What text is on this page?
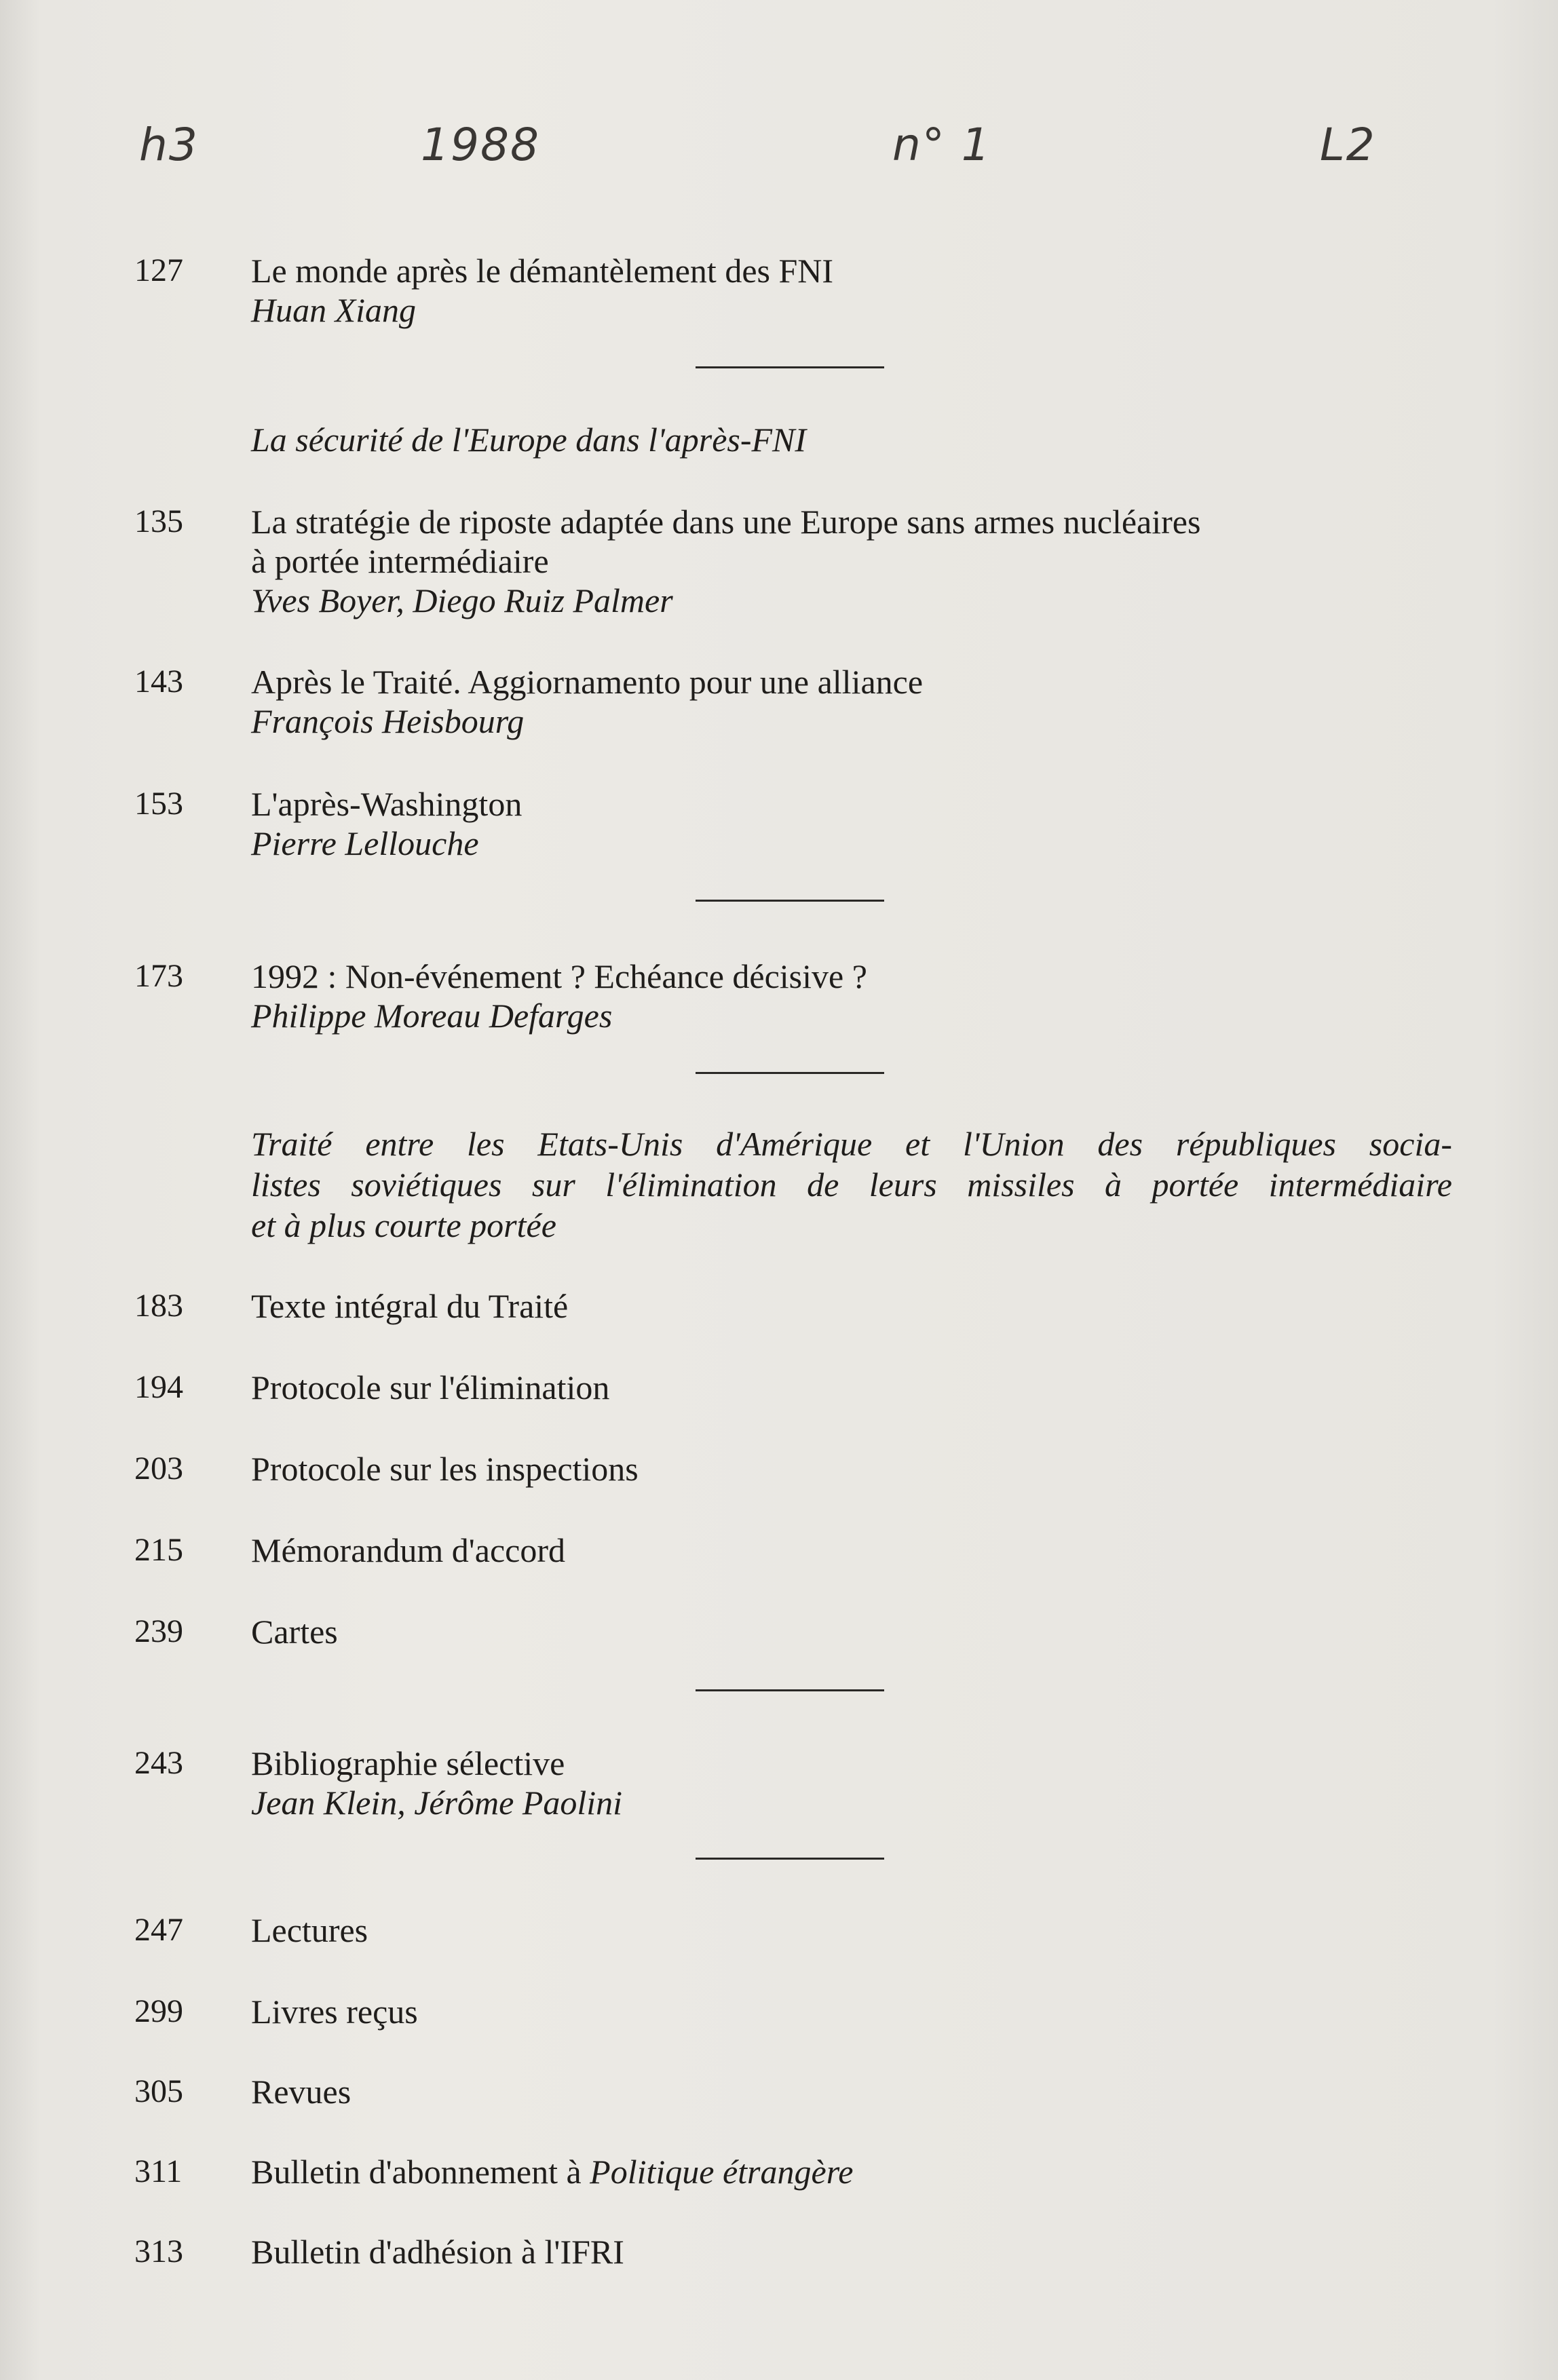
h3	1988	n° 1	L2
127	Le monde après le démantèlement des FNI
Huan Xiang
La sécurité de l'Europe dans l'après-FNI
135	La stratégie de riposte adaptée dans une Europe sans armes nucléaires
à portée intermédiaire
Yves Boyer, Diego Ruiz Palmer
143	Après le Traité. Aggiornamento pour une alliance
François Heisbourg
153	L'après-Washington
Pierre Lellouche
173	1992 : Non-événement ? Echéance décisive ?
Philippe Moreau Defarges
Traité entre les Etats-Unis d'Amérique et l'Union des républiques socia-
listes soviétiques sur l'élimination de leurs missiles à portée intermédiaire
et à plus courte portée
183	Texte intégral du Traité
194	Protocole sur l'élimination
203	Protocole sur les inspections
215	Mémorandum d'accord
239	Cartes
243	Bibliographie sélective
Jean Klein, Jérôme Paolini
247	Lectures
299	Livres reçus
305	Revues
311	Bulletin d'abonnement à Politique étrangère
313	Bulletin d'adhésion à l'IFRI
